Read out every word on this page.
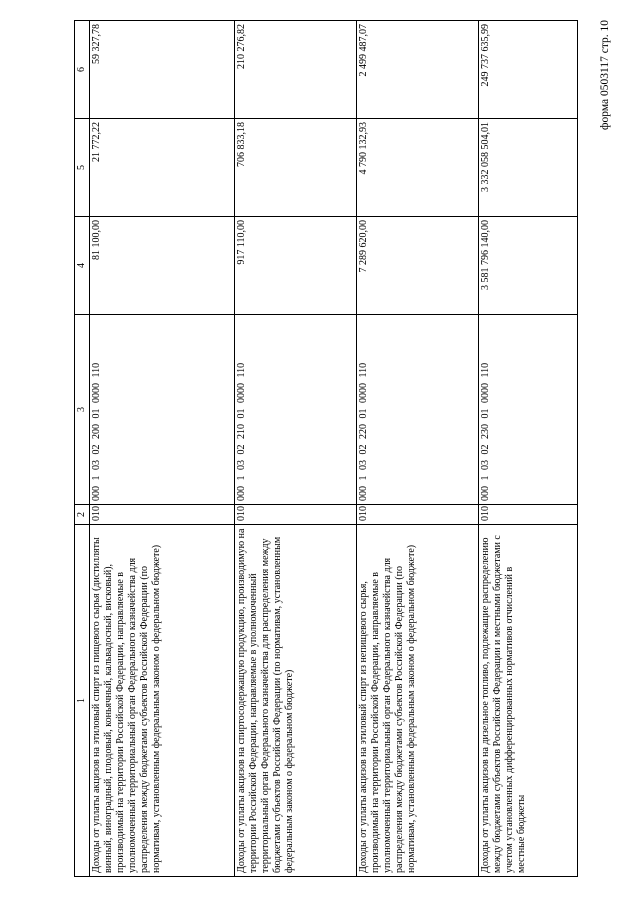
форма 0503117 стр. 10
1	2	3	4	5	6
Доходы от уплаты акцизов на этиловый спирт из пищевого сырья (дистилляты винный, виноградный, плодовый, коньячный, кальвадосный, висковый), производимый на территории Российской Федерации, направляемые в уполномоченный территориальный орган Федерального казначейства для распределения между бюджетами субъектов Российской Федерации (по нормативам, установленным федеральным законом о федеральном бюджете)	010	000 1 03 02 200 01 0000 110	81 100,00	21 772,22	59 327,78
Доходы от уплаты акцизов на спиртосодержащую продукцию, производимую на территории Российской Федерации, направляемые в уполномоченный территориальный орган Федерального казначейства для распределения между бюджетами субъектов Российской Федерации (по нормативам, установленным федеральным законом о федеральном бюджете)	010	000 1 03 02 210 01 0000 110	917 110,00	706 833,18	210 276,82
Доходы от уплаты акцизов на этиловый спирт из непищевого сырья, производимый на территории Российской Федерации, направляемые в уполномоченный территориальный орган Федерального казначейства для распределения между бюджетами субъектов Российской Федерации (по нормативам, установленным федеральным законом о федеральном бюджете)	010	000 1 03 02 220 01 0000 110	7 289 620,00	4 790 132,93	2 499 487,07
Доходы от уплаты акцизов на дизельное топливо, подлежащие распределению между бюджетами субъектов Российской Федерации и местными бюджетами с учетом установленных дифференцированных нормативов отчислений в местные бюджеты	010	000 1 03 02 230 01 0000 110	3 581 796 140,00	3 332 058 504,01	249 737 635,99
